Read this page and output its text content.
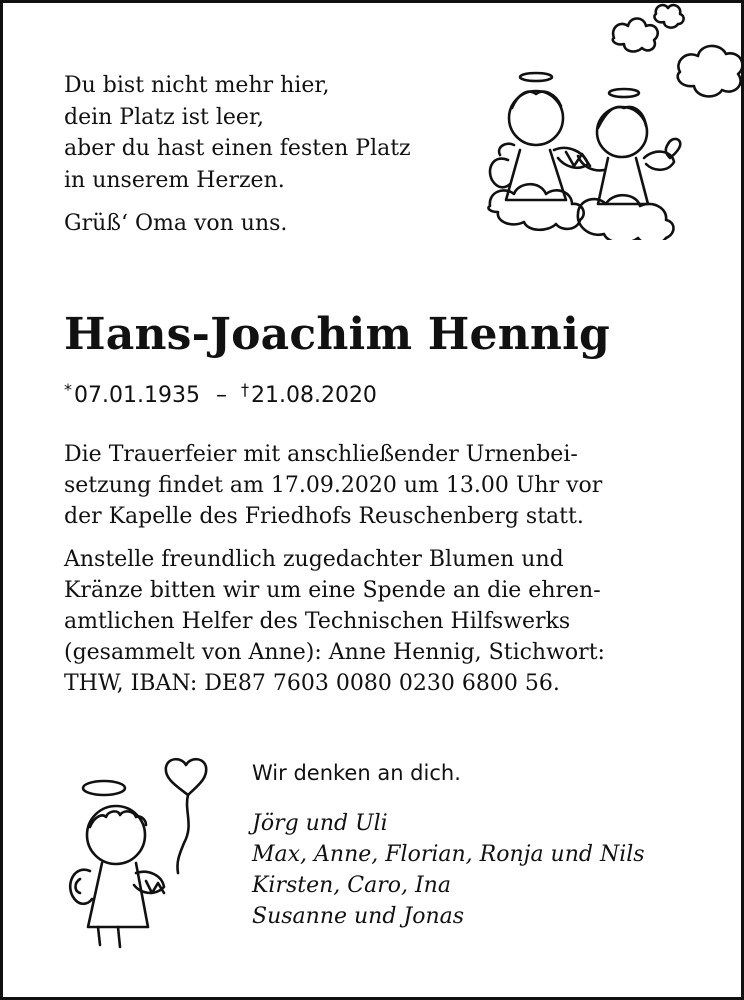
Du bist nicht mehr hier,
dein Platz ist leer,
aber du hast einen festen Platz
in unserem Herzen.
Grüß‘ Oma von uns.
Hans-Joachim Hennig
*07.01.1935 – †21.08.2020
Die Trauerfeier mit anschließender Urnenbei-
setzung findet am 17.09.2020 um 13.00 Uhr vor
der Kapelle des Friedhofs Reuschenberg statt.
Anstelle freundlich zugedachter Blumen und
Kränze bitten wir um eine Spende an die ehren-
amtlichen Helfer des Technischen Hilfswerks
(gesammelt von Anne): Anne Hennig, Stichwort:
THW, IBAN: DE87 7603 0080 0230 6800 56.
Wir denken an dich.
Jörg und Uli
Max, Anne, Florian, Ronja und Nils
Kirsten, Caro, Ina
Susanne und Jonas
